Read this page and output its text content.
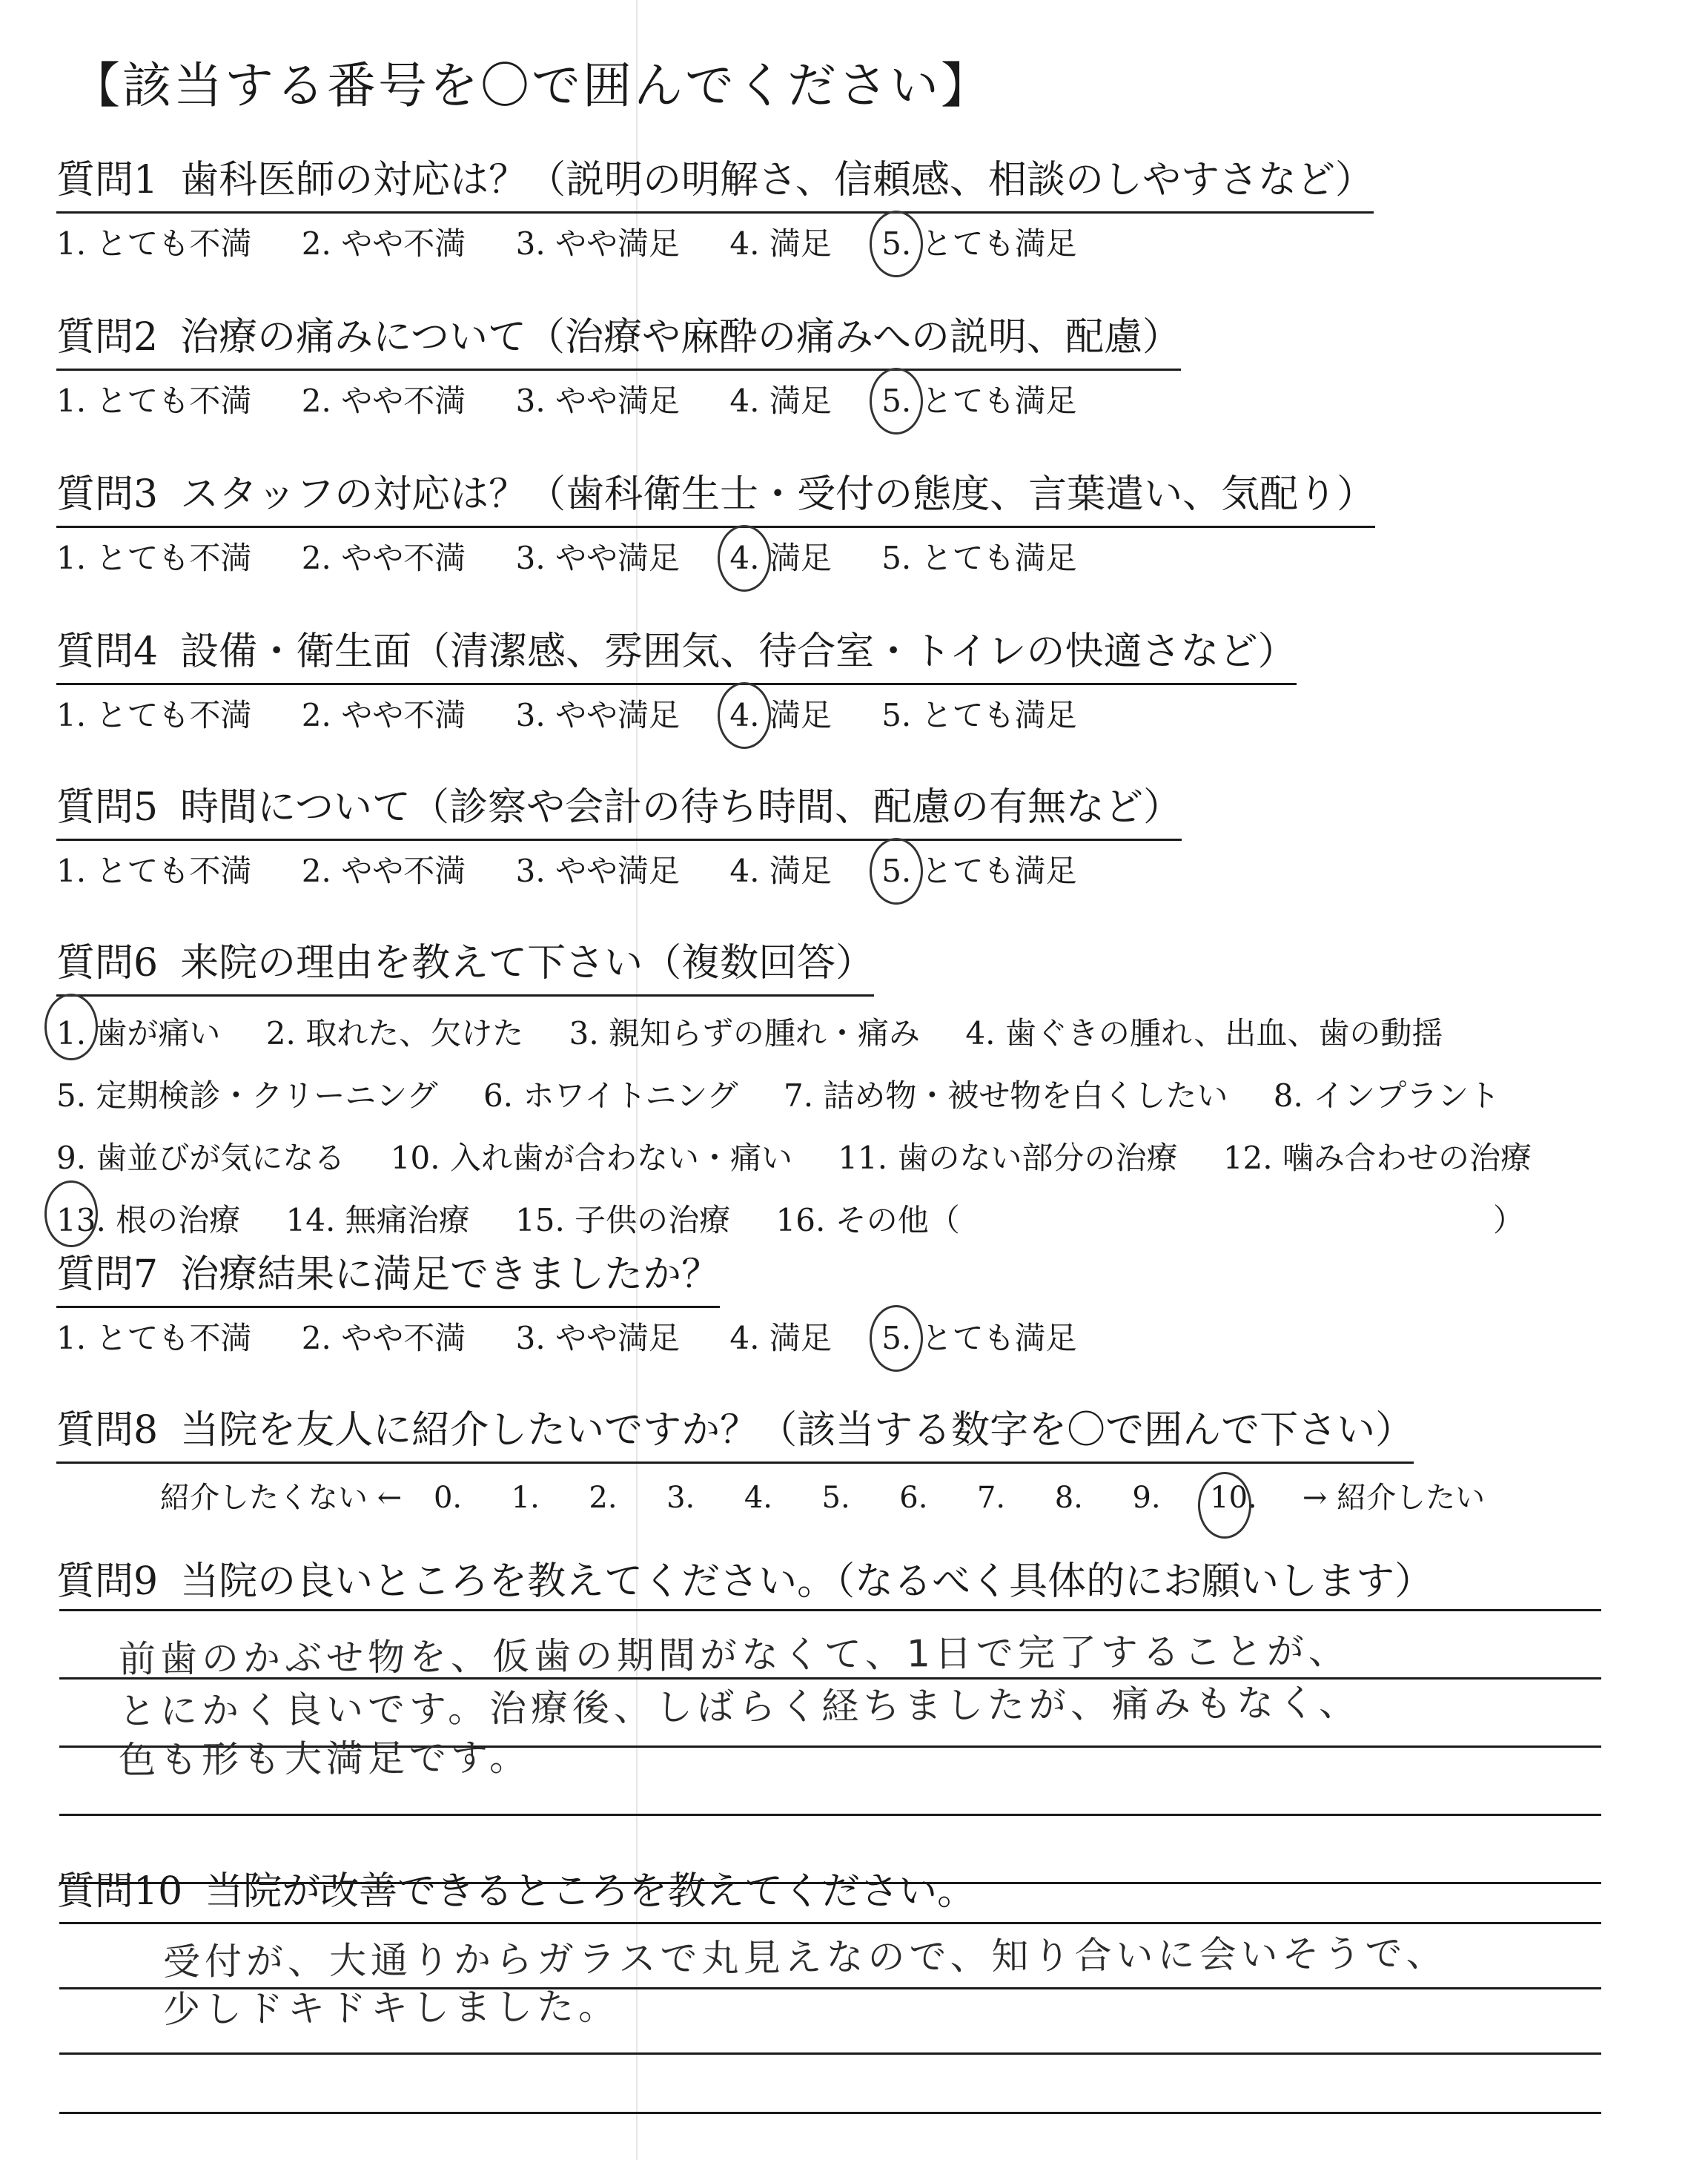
【該当する番号を〇で囲んでください】
質問1 歯科医師の対応は？（説明の明解さ、信頼感、相談のしやすさなど）
1. とても不満 2. やや不満 3. やや満足 4. 満足 5. とても満足
質問2 治療の痛みについて（治療や麻酔の痛みへの説明、配慮）
1. とても不満 2. やや不満 3. やや満足 4. 満足 5. とても満足
質問3 スタッフの対応は？（歯科衛生士・受付の態度、言葉遣い、気配り）
1. とても不満 2. やや不満 3. やや満足 4. 満足 5. とても満足
質問4 設備・衛生面（清潔感、雰囲気、待合室・トイレの快適さなど）
1. とても不満 2. やや不満 3. やや満足 4. 満足 5. とても満足
質問5 時間について（診察や会計の待ち時間、配慮の有無など）
1. とても不満 2. やや不満 3. やや満足 4. 満足 5. とても満足
質問6 来院の理由を教えて下さい（複数回答）
1. 歯が痛い 2. 取れた、欠けた 3. 親知らずの腫れ・痛み 4. 歯ぐきの腫れ、出血、歯の動揺
5. 定期検診・クリーニング 6. ホワイトニング 7. 詰め物・被せ物を白くしたい 8. インプラント
9. 歯並びが気になる 10. 入れ歯が合わない・痛い 11. 歯のない部分の治療 12. 噛み合わせの治療
13. 根の治療 14. 無痛治療 15. 子供の治療 16. その他（	）
質問7 治療結果に満足できましたか？
1. とても不満 2. やや不満 3. やや満足 4. 満足 5. とても満足
質問8 当院を友人に紹介したいですか？（該当する数字を〇で囲んで下さい）
紹介したくない ← 0. 1. 2. 3. 4. 5. 6. 7. 8. 9. 10. → 紹介したい
質問9 当院の良いところを教えてください。（なるべく具体的にお願いします）
前歯のかぶせ物を、仮歯の期間がなくて、1日で完了することが、
とにかく良いです。治療後、しばらく経ちましたが、痛みもなく、
色も形も大満足です。
質問10 当院が改善できるところを教えてください。
受付が、大通りからガラスで丸見えなので、知り合いに会いそうで、
少しドキドキしました。
